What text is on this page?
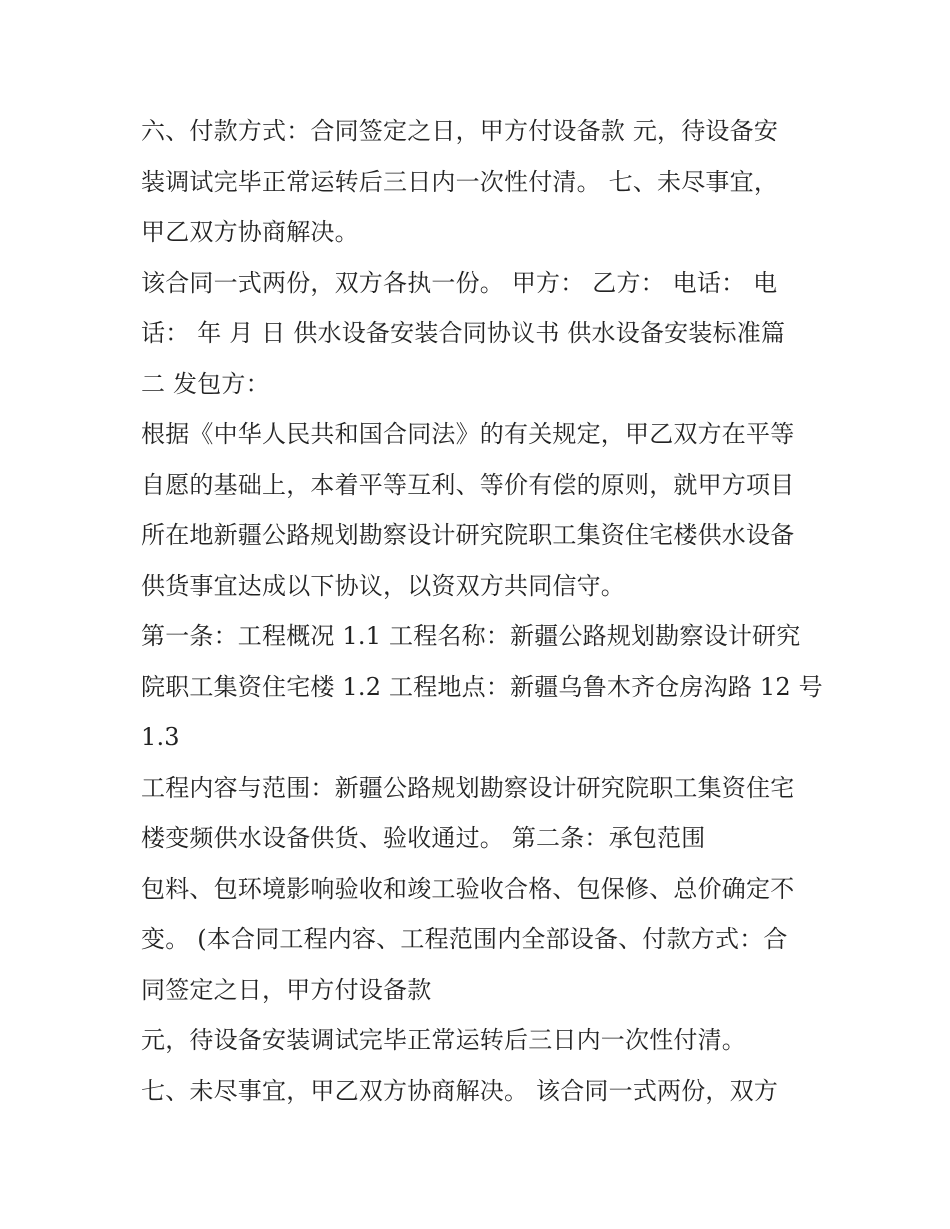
六、付款方式：合同签定之日，甲方付设备款 元，待设备安
装调试完毕正常运转后三日内一次性付清。 七、未尽事宜，
甲乙双方协商解决。
该合同一式两份，双方各执一份。 甲方： 乙方： 电话： 电
话： 年 月 日 供水设备安装合同协议书 供水设备安装标准篇
二 发包方：
根据《中华人民共和国合同法》的有关规定，甲乙双方在平等
自愿的基础上，本着平等互利、等价有偿的原则，就甲方项目
所在地新疆公路规划勘察设计研究院职工集资住宅楼供水设备
供货事宜达成以下协议，以资双方共同信守。
第一条：工程概况 1.1 工程名称：新疆公路规划勘察设计研究
院职工集资住宅楼 1.2 工程地点：新疆乌鲁木齐仓房沟路 12 号
1.3
工程内容与范围：新疆公路规划勘察设计研究院职工集资住宅
楼变频供水设备供货、验收通过。 第二条：承包范围
包料、包环境影响验收和竣工验收合格、包保修、总价确定不
变。 (本合同工程内容、工程范围内全部设备、付款方式：合
同签定之日，甲方付设备款
元，待设备安装调试完毕正常运转后三日内一次性付清。
七、未尽事宜，甲乙双方协商解决。 该合同一式两份，双方
